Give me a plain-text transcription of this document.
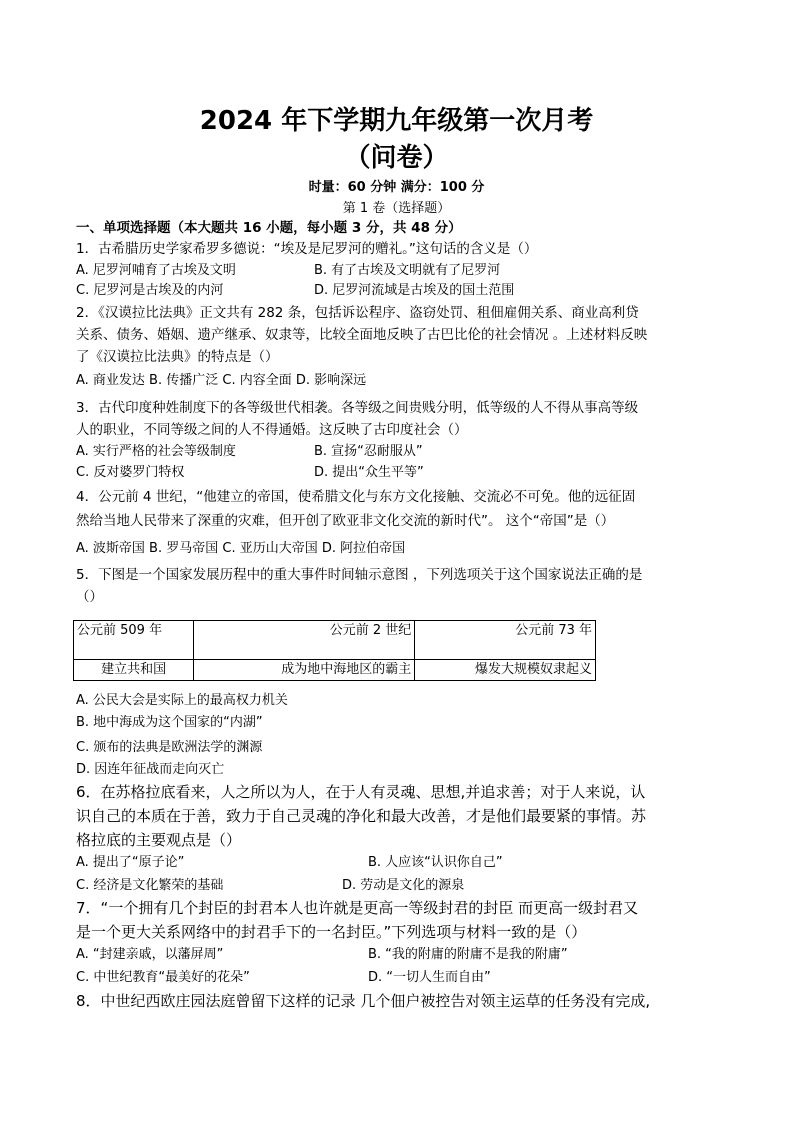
2024 年下学期九年级第一次月考
（问卷）
时量：60 分钟 满分：100 分
第 1 卷（选择题）
一、单项选择题（本大题共 16 小题，每小题 3 分，共 48 分）
1．古希腊历史学家希罗多德说：“埃及是尼罗河的赠礼。”这句话的含义是（）
A. 尼罗河哺育了古埃及文明	B. 有了古埃及文明就有了尼罗河
C. 尼罗河是古埃及的内河	D. 尼罗河流域是古埃及的国土范围
2．《汉谟拉比法典》正文共有 282 条，包括诉讼程序、盗窃处罚、租佃雇佣关系、商业高利贷
关系、债务、婚姻、遗产继承、奴隶等，比较全面地反映了古巴比伦的社会情况 。上述材料反映
了《汉谟拉比法典》的特点是（）
A. 商业发达 B. 传播广泛 C. 内容全面 D. 影响深远
3．古代印度种姓制度下的各等级世代相袭。各等级之间贵贱分明，低等级的人不得从事高等级
人的职业，不同等级之间的人不得通婚。这反映了古印度社会（）
A. 实行严格的社会等级制度	B. 宣扬“忍耐服从”
C. 反对婆罗门特权	D. 提出“众生平等”
4．公元前 4 世纪，“他建立的帝国，使希腊文化与东方文化接触、交流必不可免。他的远征固
然给当地人民带来了深重的灾难，但开创了欧亚非文化交流的新时代”。 这个“帝国”是（）
A. 波斯帝国 B. 罗马帝国 C. 亚历山大帝国 D. 阿拉伯帝国
5．下图是一个国家发展历程中的重大事件时间轴示意图 ，下列选项关于这个国家说法正确的是
（）
公元前 509 年	公元前 2 世纪	公元前 73 年
建立共和国	成为地中海地区的霸主	爆发大规模奴隶起义
A. 公民大会是实际上的最高权力机关
B. 地中海成为这个国家的“内湖”
C. 颁布的法典是欧洲法学的渊源
D. 因连年征战而走向灭亡
6．在苏格拉底看来，人之所以为人，在于人有灵魂、思想,并追求善；对于人来说，认
识自己的本质在于善，致力于自己灵魂的净化和最大改善，才是他们最要紧的事情。苏
格拉底的主要观点是（）
A. 提出了“原子论”	B. 人应该“认识你自己”
C. 经济是文化繁荣的基础	D. 劳动是文化的源泉
7．“一个拥有几个封臣的封君本人也许就是更高一等级封君的封臣 而更高一级封君又
是一个更大关系网络中的封君手下的一名封臣。”下列选项与材料一致的是（）
A. “封建亲戚，以藩屏周”	B. “我的附庸的附庸不是我的附庸”
C. 中世纪教育“最美好的花朵”	D. “一切人生而自由”
8．中世纪西欧庄园法庭曾留下这样的记录 几个佃户被控告对领主运草的任务没有完成,
